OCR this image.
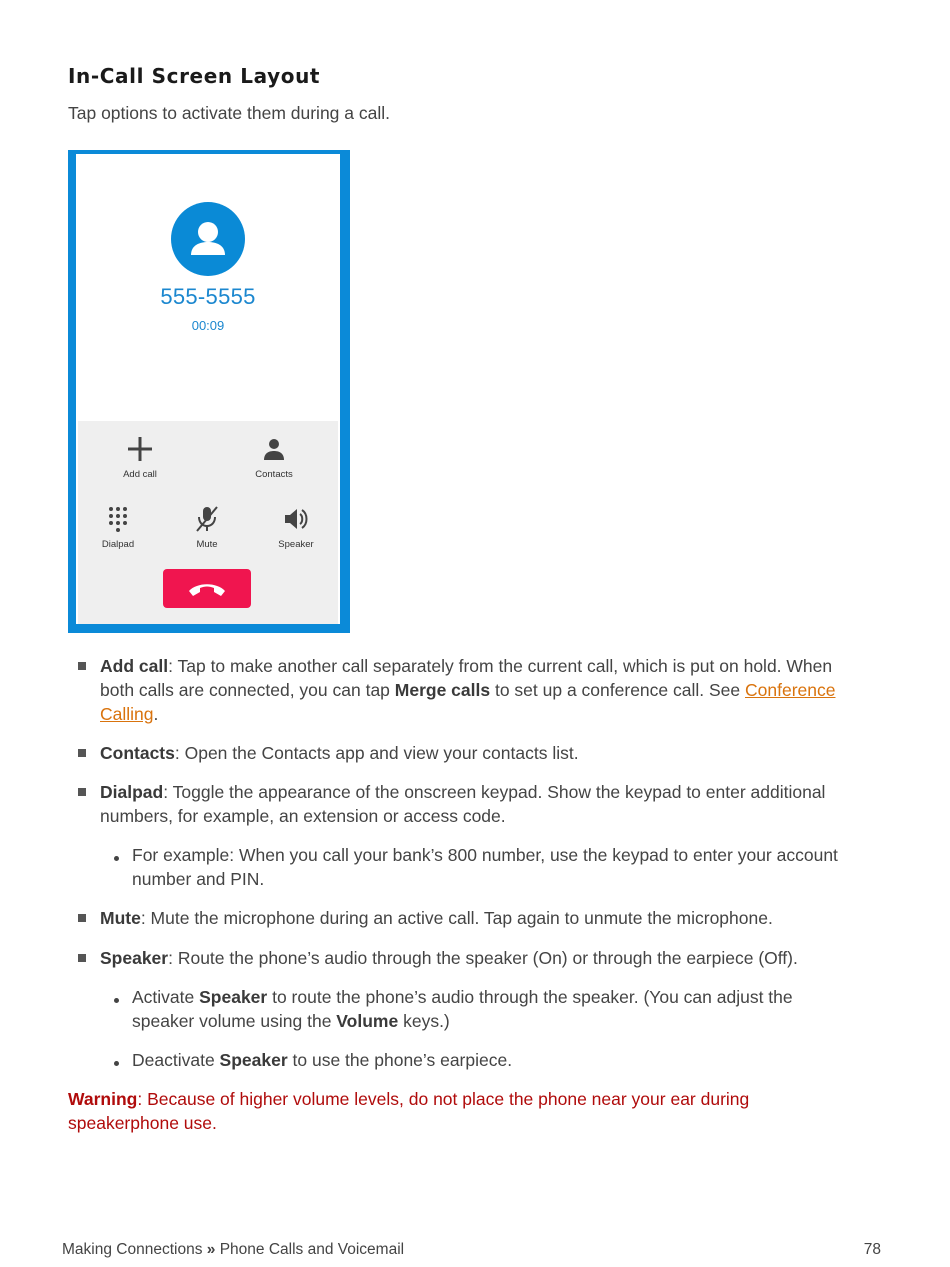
In-Call Screen Layout
Tap options to activate them during a call.
555-5555
00:09
Add call	Contacts
Dialpad	Mute	Speaker
Add call: Tap to make another call separately from the current call, which is put on hold. When
both calls are connected, you can tap Merge calls to set up a conference call. See Conference
Calling.
Contacts: Open the Contacts app and view your contacts list.
Dialpad: Toggle the appearance of the onscreen keypad. Show the keypad to enter additional
numbers, for example, an extension or access code.
For example: When you call your bank’s 800 number, use the keypad to enter your account
number and PIN.
Mute: Mute the microphone during an active call. Tap again to unmute the microphone.
Speaker: Route the phone’s audio through the speaker (On) or through the earpiece (Off).
Activate Speaker to route the phone’s audio through the speaker. (You can adjust the
speaker volume using the Volume keys.)
Deactivate Speaker to use the phone’s earpiece.
Warning: Because of higher volume levels, do not place the phone near your ear during
speakerphone use.
Making Connections » Phone Calls and Voicemail	78
